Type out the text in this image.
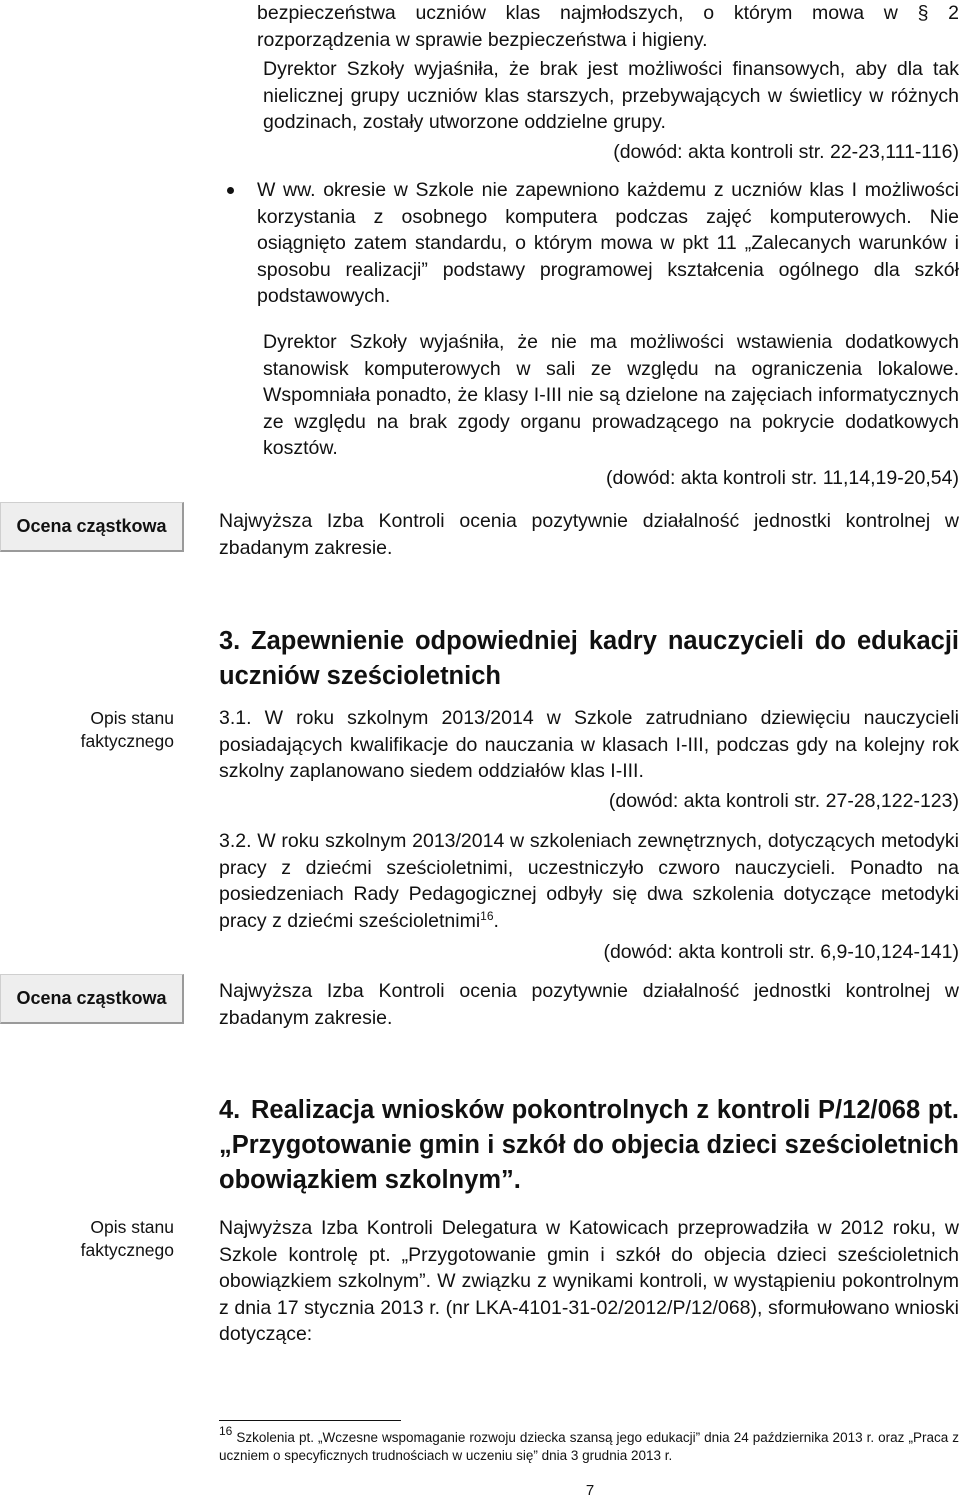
bezpieczeństwa uczniów klas najmłodszych, o którym mowa w § 2
rozporządzenia w sprawie bezpieczeństwa i higieny.
Dyrektor Szkoły wyjaśniła, że brak jest możliwości finansowych, aby dla tak nielicznej grupy uczniów klas starszych, przebywających w świetlicy w różnych godzinach, zostały utworzone oddzielne grupy.
(dowód: akta kontroli str. 22-23,111-116)
W ww. okresie w Szkole nie zapewniono każdemu z uczniów klas I możliwości korzystania z osobnego komputera podczas zajęć komputerowych. Nie osiągnięto zatem standardu, o którym mowa w pkt 11 „Zalecanych warunków i sposobu realizacji” podstawy programowej kształcenia ogólnego dla szkół podstawowych.
Dyrektor Szkoły wyjaśniła, że nie ma możliwości wstawienia dodatkowych stanowisk komputerowych w sali ze względu na ograniczenia lokalowe. Wspomniała ponadto, że klasy I-III nie są dzielone na zajęciach informatycznych ze względu na brak zgody organu prowadzącego na pokrycie dodatkowych kosztów.
(dowód: akta kontroli str. 11,14,19-20,54)
Ocena cząstkowa	Najwyższa Izba Kontroli ocenia pozytywnie działalność jednostki kontrolnej w zbadanym zakresie.
3. Zapewnienie odpowiedniej kadry nauczycieli do edukacji uczniów sześcioletnich
Opis stanu
faktycznego
3.1. W roku szkolnym 2013/2014 w Szkole zatrudniano dziewięciu nauczycieli posiadających kwalifikacje do nauczania w klasach I-III, podczas gdy na kolejny rok szkolny zaplanowano siedem oddziałów klas I-III.
(dowód: akta kontroli str. 27-28,122-123)
3.2. W roku szkolnym 2013/2014 w szkoleniach zewnętrznych, dotyczących metodyki pracy z dziećmi sześcioletnimi, uczestniczyło czworo nauczycieli. Ponadto na posiedzeniach Rady Pedagogicznej odbyły się dwa szkolenia dotyczące metodyki pracy z dziećmi sześcioletnimi$^{16}$.
(dowód: akta kontroli str. 6,9-10,124-141)
Ocena cząstkowa	Najwyższa Izba Kontroli ocenia pozytywnie działalność jednostki kontrolnej w zbadanym zakresie.
4. Realizacja wniosków pokontrolnych z kontroli P/12/068 pt. „Przygotowanie gmin i szkół do objecia dzieci sześcioletnich obowiązkiem szkolnym”.
Opis stanu
faktycznego
Najwyższa Izba Kontroli Delegatura w Katowicach przeprowadziła w 2012 roku, w Szkole kontrolę pt. „Przygotowanie gmin i szkół do objecia dzieci sześcioletnich obowiązkiem szkolnym”. W związku z wynikami kontroli, w wystąpieniu pokontrolnym z dnia 17 stycznia 2013 r. (nr LKA-4101-31-02/2012/P/12/068), sformułowano wnioski dotyczące:
$^{16}$ Szkolenia pt. „Wczesne wspomaganie rozwoju dziecka szansą jego edukacji” dnia 24 października 2013 r. oraz „Praca z uczniem o specyficznych trudnościach w uczeniu się” dnia 3 grudnia 2013 r.
7
